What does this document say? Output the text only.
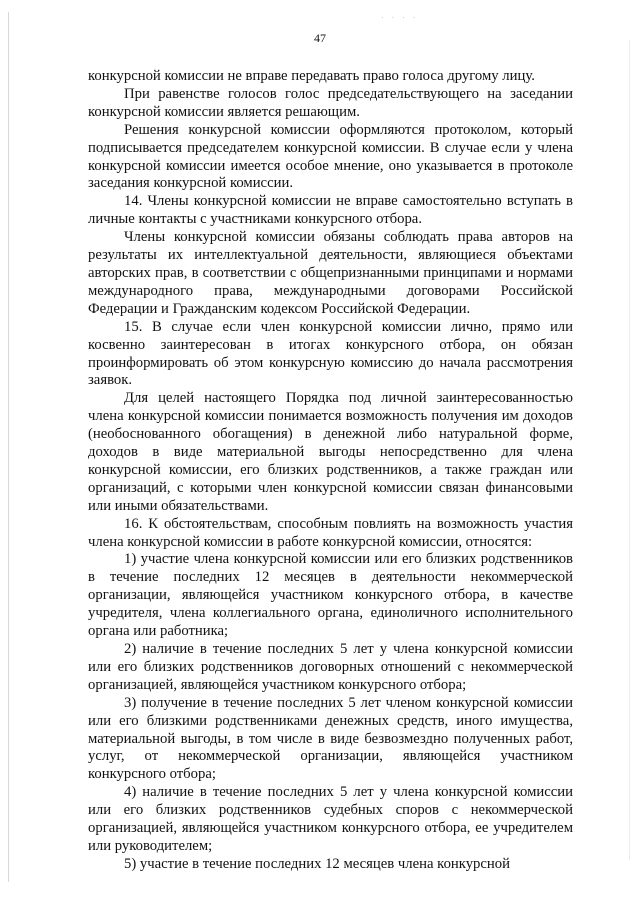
. . . .
47

конкурсной комиссии не вправе передавать право голоса другому лицу.

При равенстве голосов голос председательствующего на заседании конкурсной комиссии является решающим.

Решения конкурсной комиссии оформляются протоколом, который подписывается председателем конкурсной комиссии. В случае если у члена конкурсной комиссии имеется особое мнение, оно указывается в протоколе заседания конкурсной комиссии.

14. Члены конкурсной комиссии не вправе самостоятельно вступать в личные контакты с участниками конкурсного отбора.

Члены конкурсной комиссии обязаны соблюдать права авторов на результаты их интеллектуальной деятельности, являющиеся объектами авторских прав, в соответствии с общепризнанными принципами и нормами международного права, международными договорами Российской Федерации и Гражданским кодексом Российской Федерации.

15. В случае если член конкурсной комиссии лично, прямо или косвенно заинтересован в итогах конкурсного отбора, он обязан проинформировать об этом конкурсную комиссию до начала рассмотрения заявок.

Для целей настоящего Порядка под личной заинтересованностью члена конкурсной комиссии понимается возможность получения им доходов (необоснованного обогащения) в денежной либо натуральной форме, доходов в виде материальной выгоды непосредственно для члена конкурсной комиссии, его близких родственников, а также граждан или организаций, с которыми член конкурсной комиссии связан финансовыми или иными обязательствами.

16. К обстоятельствам, способным повлиять на возможность участия члена конкурсной комиссии в работе конкурсной комиссии, относятся:

1) участие члена конкурсной комиссии или его близких родственников в течение последних 12 месяцев в деятельности некоммерческой организации, являющейся участником конкурсного отбора, в качестве учредителя, члена коллегиального органа, единоличного исполнительного органа или работника;

2) наличие в течение последних 5 лет у члена конкурсной комиссии или его близких родственников договорных отношений с некоммерческой организацией, являющейся участником конкурсного отбора;

3) получение в течение последних 5 лет членом конкурсной комиссии или его близкими родственниками денежных средств, иного имущества, материальной выгоды, в том числе в виде безвозмездно полученных работ, услуг, от некоммерческой организации, являющейся участником конкурсного отбора;

4) наличие в течение последних 5 лет у члена конкурсной комиссии или его близких родственников судебных споров с некоммерческой организацией, являющейся участником конкурсного отбора, ее учредителем или руководителем;

5) участие в течение последних 12 месяцев члена конкурсной
